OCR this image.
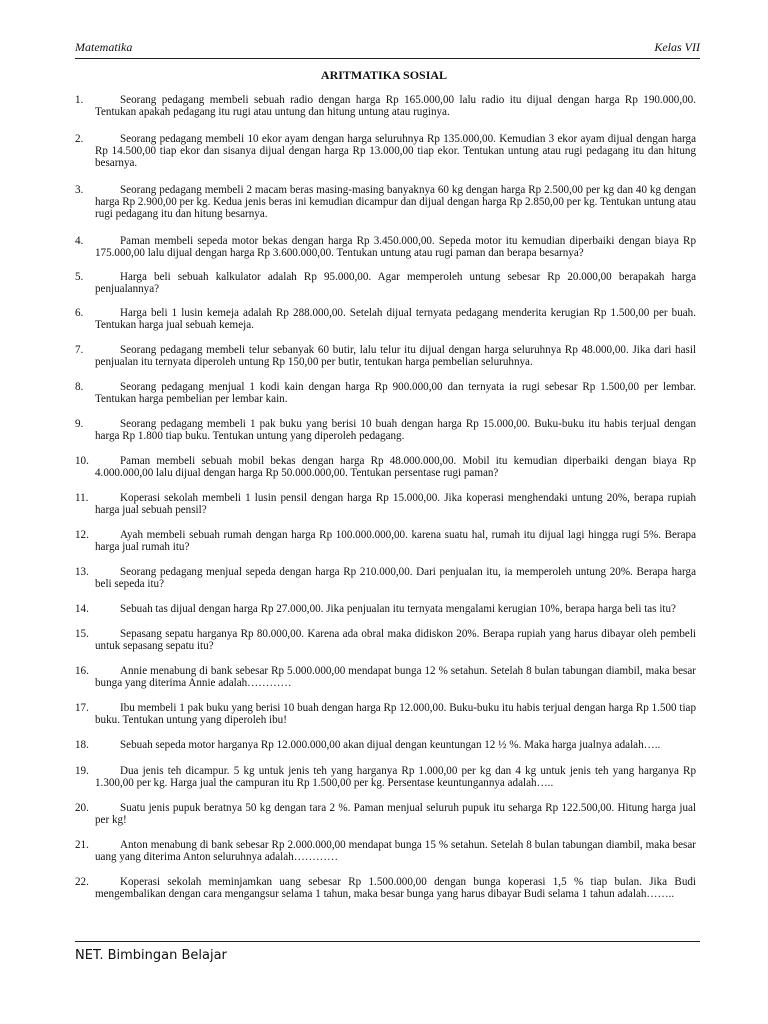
Matematika	Kelas VII
ARITMATIKA SOSIAL
1.	Seorang pedagang membeli sebuah radio dengan harga Rp 165.000,00 lalu radio itu dijual dengan harga Rp 190.000,00. Tentukan apakah pedagang itu rugi atau untung dan hitung untung atau ruginya.
2.	Seorang pedagang membeli 10 ekor ayam dengan harga seluruhnya Rp 135.000,00. Kemudian 3 ekor ayam dijual dengan harga Rp 14.500,00 tiap ekor dan sisanya dijual dengan harga Rp 13.000,00 tiap ekor. Tentukan untung atau rugi pedagang itu dan hitung besarnya.
3.	Seorang pedagang membeli 2 macam beras masing-masing banyaknya 60 kg dengan harga Rp 2.500,00 per kg dan 40 kg dengan harga Rp 2.900,00 per kg. Kedua jenis beras ini kemudian dicampur dan dijual dengan harga Rp 2.850,00 per kg. Tentukan untung atau rugi pedagang itu dan hitung besarnya.
4.	Paman membeli sepeda motor bekas dengan harga Rp 3.450.000,00. Sepeda motor itu kemudian diperbaiki dengan biaya Rp 175.000,00 lalu dijual dengan harga Rp 3.600.000,00. Tentukan untung atau rugi paman dan berapa besarnya?
5.	Harga beli sebuah kalkulator adalah Rp 95.000,00. Agar memperoleh untung sebesar Rp 20.000,00 berapakah harga penjualannya?
6.	Harga beli 1 lusin kemeja adalah Rp 288.000,00. Setelah dijual ternyata pedagang menderita kerugian Rp 1.500,00 per buah. Tentukan harga jual sebuah kemeja.
7.	Seorang pedagang membeli telur sebanyak 60 butir, lalu telur itu dijual dengan harga seluruhnya Rp 48.000,00. Jika dari hasil penjualan itu ternyata diperoleh untung Rp 150,00 per butir, tentukan harga pembelian seluruhnya.
8.	Seorang pedagang menjual 1 kodi kain dengan harga Rp 900.000,00 dan ternyata ia rugi sebesar Rp 1.500,00 per lembar. Tentukan harga pembelian per lembar kain.
9.	Seorang pedagang membeli 1 pak buku yang berisi 10 buah dengan harga Rp 15.000,00. Buku-buku itu habis terjual dengan harga Rp 1.800 tiap buku. Tentukan untung yang diperoleh pedagang.
10.	Paman membeli sebuah mobil bekas dengan harga Rp 48.000.000,00. Mobil itu kemudian diperbaiki dengan biaya Rp 4.000.000,00 lalu dijual dengan harga Rp 50.000.000,00. Tentukan persentase rugi paman?
11.	Koperasi sekolah membeli 1 lusin pensil dengan harga Rp 15.000,00. Jika koperasi menghendaki untung 20%, berapa rupiah harga jual sebuah pensil?
12.	Ayah membeli sebuah rumah dengan harga Rp 100.000.000,00. karena suatu hal, rumah itu dijual lagi hingga rugi 5%. Berapa harga jual rumah itu?
13.	Seorang pedagang menjual sepeda dengan harga Rp 210.000,00. Dari penjualan itu, ia memperoleh untung 20%. Berapa harga beli sepeda itu?
14.	Sebuah tas dijual dengan harga Rp 27.000,00. Jika penjualan itu ternyata mengalami kerugian 10%, berapa harga beli tas itu?
15.	Sepasang sepatu harganya Rp 80.000,00. Karena ada obral maka didiskon 20%. Berapa rupiah yang harus dibayar oleh pembeli untuk sepasang sepatu itu?
16.	Annie menabung di bank sebesar Rp 5.000.000,00 mendapat bunga 12 % setahun. Setelah 8 bulan tabungan diambil, maka besar bunga yang diterima Annie adalah…………
17.	Ibu membeli 1 pak buku yang berisi 10 buah dengan harga Rp 12.000,00. Buku-buku itu habis terjual dengan harga Rp 1.500 tiap buku. Tentukan untung yang diperoleh ibu!
18.	Sebuah sepeda motor harganya Rp 12.000.000,00 akan dijual dengan keuntungan 12 ½ %. Maka harga jualnya adalah…..
19.	Dua jenis teh dicampur. 5 kg untuk jenis teh yang harganya Rp 1.000,00 per kg dan 4 kg untuk jenis teh yang harganya Rp 1.300,00 per kg. Harga jual the campuran itu Rp 1.500,00 per kg. Persentase keuntungannya adalah…..
20.	Suatu jenis pupuk beratnya 50 kg dengan tara 2 %. Paman menjual seluruh pupuk itu seharga Rp 122.500,00. Hitung harga jual per kg!
21.	Anton menabung di bank sebesar Rp 2.000.000,00 mendapat bunga 15 % setahun. Setelah 8 bulan tabungan diambil, maka besar uang yang diterima Anton seluruhnya adalah…………
22.	Koperasi sekolah meminjamkan uang sebesar Rp 1.500.000,00 dengan bunga koperasi 1,5 % tiap bulan. Jika Budi mengembalikan dengan cara mengangsur selama 1 tahun, maka besar bunga yang harus dibayar Budi selama 1 tahun adalah……..
NET. Bimbingan Belajar
